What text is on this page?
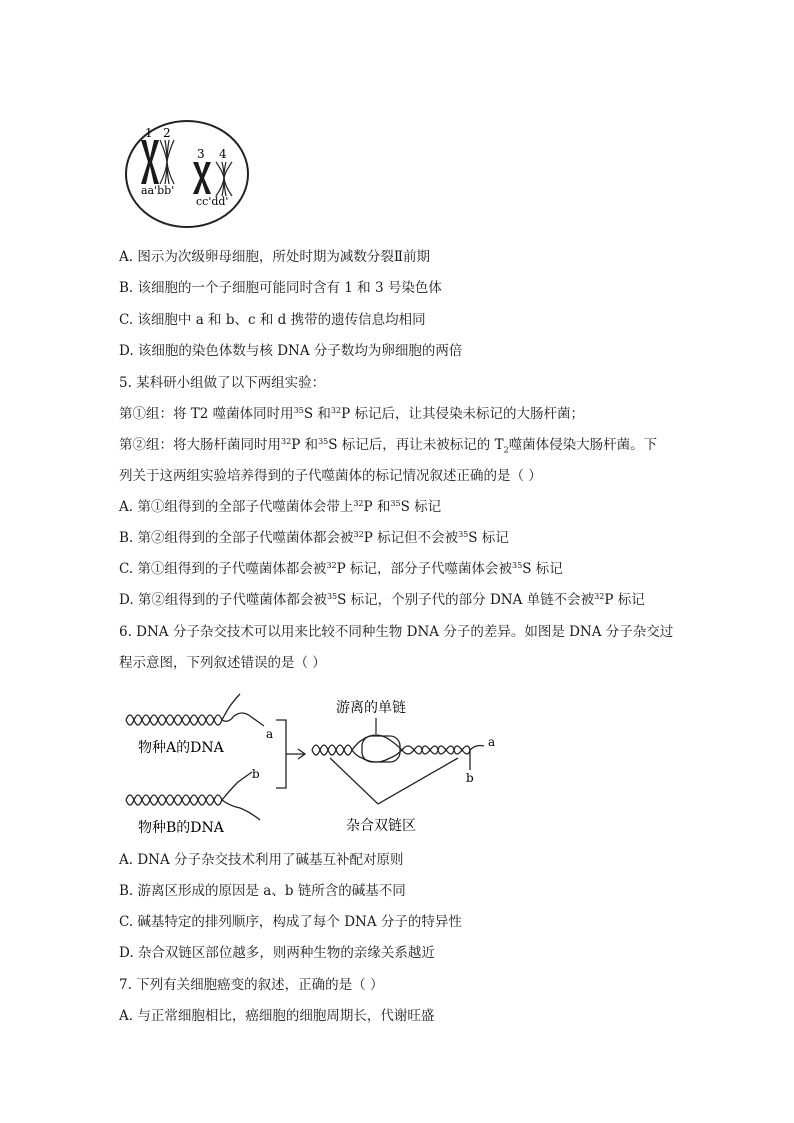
1 2
3 4
aa'bb'
cc'dd'
A. 图示为次级卵母细胞，所处时期为减数分裂Ⅱ前期
B. 该细胞的一个子细胞可能同时含有 1 和 3 号染色体
C. 该细胞中 a 和 b、c 和 d 携带的遗传信息均相同
D. 该细胞的染色体数与核 DNA 分子数均为卵细胞的两倍
5. 某科研小组做了以下两组实验：
第①组：将 T2 噬菌体同时用$^{35}$S 和$^{32}$P 标记后，让其侵染未标记的大肠杆菌；
第②组：将大肠杆菌同时用$^{32}$P 和$^{35}$S 标记后，再让未被标记的 $T_2$噬菌体侵染大肠杆菌。下
列关于这两组实验培养得到的子代噬菌体的标记情况叙述正确的是（ ）
A. 第①组得到的全部子代噬菌体会带上$^{32}$P 和$^{35}$S 标记
B. 第②组得到的全部子代噬菌体都会被$^{32}$P 标记但不会被$^{35}$S 标记
C. 第①组得到的子代噬菌体都会被$^{32}$P 标记，部分子代噬菌体会被$^{35}$S 标记
D. 第②组得到的子代噬菌体都会被$^{35}$S 标记，个别子代的部分 DNA 单链不会被$^{32}$P 标记
6. DNA 分子杂交技术可以用来比较不同种生物 DNA 分子的差异。如图是 DNA 分子杂交过
程示意图，下列叙述错误的是（ ）
物种A的DNA
a
物种B的DNA
b
游离的单链
a
b
杂合双链区
A. DNA 分子杂交技术利用了碱基互补配对原则
B. 游离区形成的原因是 a、b 链所含的碱基不同
C. 碱基特定的排列顺序，构成了每个 DNA 分子的特异性
D. 杂合双链区部位越多，则两种生物的亲缘关系越近
7. 下列有关细胞癌变的叙述，正确的是（ ）
A. 与正常细胞相比，癌细胞的细胞周期长，代谢旺盛
